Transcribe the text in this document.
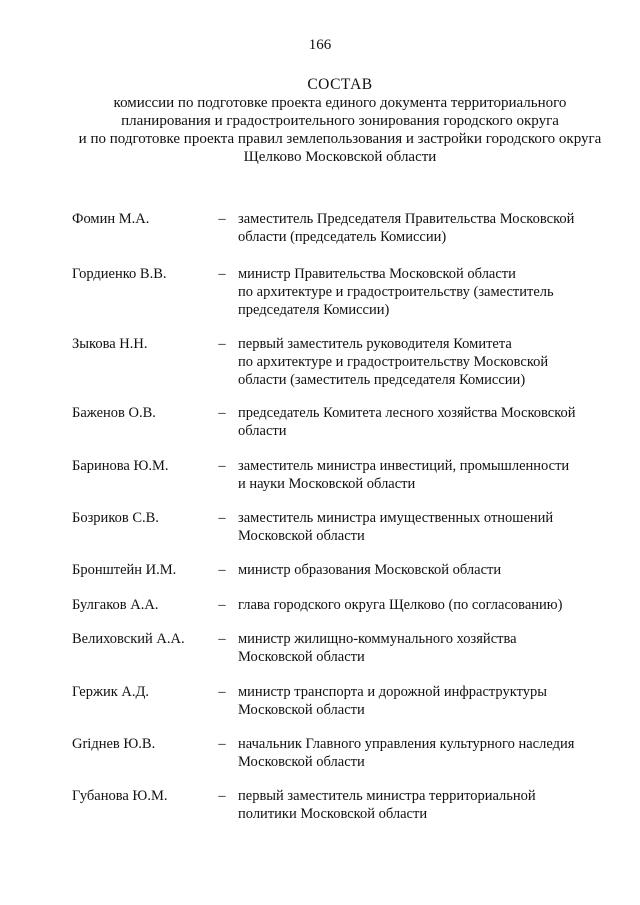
166
СОСТАВ
комиссии по подготовке проекта единого документа территориального
планирования и градостроительного зонирования городского округа
и по подготовке проекта правил землепользования и застройки городского округа
Щелково Московской области
Фомин М.А.	– заместитель Председателя Правительства Московской
области (председатель Комиссии)
Гордиенко В.В.	– министр Правительства Московской области
по архитектуре и градостроительству (заместитель
председателя Комиссии)
Зыкова Н.Н.	– первый заместитель руководителя Комитета
по архитектуре и градостроительству Московской
области (заместитель председателя Комиссии)
Баженов О.В.	– председатель Комитета лесного хозяйства Московской
области
Баринова Ю.М.	– заместитель министра инвестиций, промышленности
и науки Московской области
Бозриков С.В.	– заместитель министра имущественных отношений
Московской области
Бронштейн И.М.	– министр образования Московской области
Булгаков А.А.	– глава городского округа Щелково (по согласованию)
Велиховский А.А.	– министр жилищно-коммунального хозяйства
Московской области
Гержик А.Д.	– министр транспорта и дорожной инфраструктуры
Московской области
Griднев Ю.В.	– начальник Главного управления культурного наследия
Московской области
Губанова Ю.М.	– первый заместитель министра территориальной
политики Московской области
